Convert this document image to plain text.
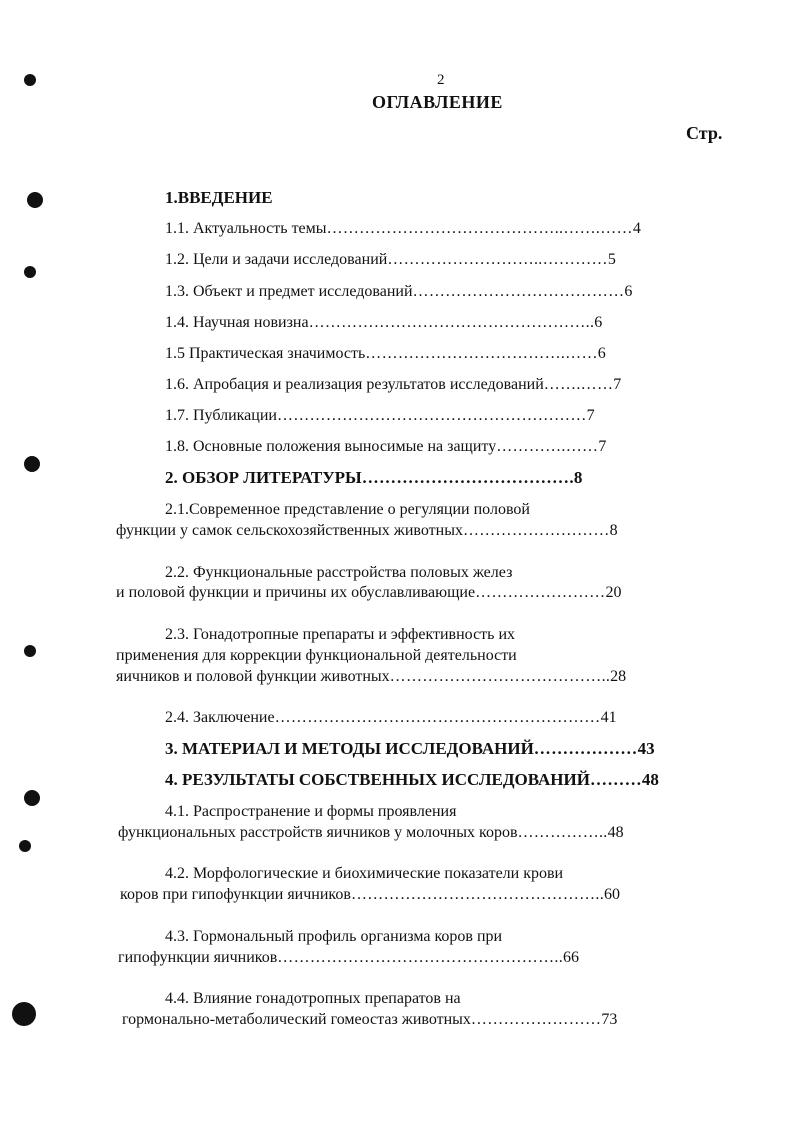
2
ОГЛАВЛЕНИЕ
Стр.
1.ВВЕДЕНИЕ
1.1. Актуальность темы……………………………………..…….……4
1.2. Цели и задачи исследований………………………..…………5
1.3. Объект и предмет исследований…………………………………6
1.4. Научная новизна……………………………………………..6
1.5 Практическая значимость……………………………….……6
1.6. Апробация и реализация результатов исследований…….……7
1.7. Публикации…………………………………………………7
1.8. Основные положения выносимые на защиту………….……7
2. ОБЗОР ЛИТЕРАТУРЫ……………………………….8
2.1.Современное представление о регуляции половой
функции у самок сельскохозяйственных животных………………………8
2.2. Функциональные расстройства половых желез
и половой функции и причины их обуславливающие……………………20
2.3. Гонадотропные препараты и эффективность их
применения для коррекции функциональной деятельности
яичников и половой функции животных…………………………………..28
2.4. Заключение……………………………………………………41
3. МАТЕРИАЛ И МЕТОДЫ ИССЛЕДОВАНИЙ………………43
4. РЕЗУЛЬТАТЫ СОБСТВЕННЫХ ИССЛЕДОВАНИЙ………48
4.1. Распространение и формы проявления
функциональных расстройств яичников у молочных коров……………..48
4.2. Морфологические и биохимические показатели крови
коров при гипофункции яичников………………………………………..60
4.3. Гормональный профиль организма коров при
гипофункции яичников……………………………………………..66
4.4. Влияние гонадотропных препаратов на
гормонально-метаболический гомеостаз животных……………………73
